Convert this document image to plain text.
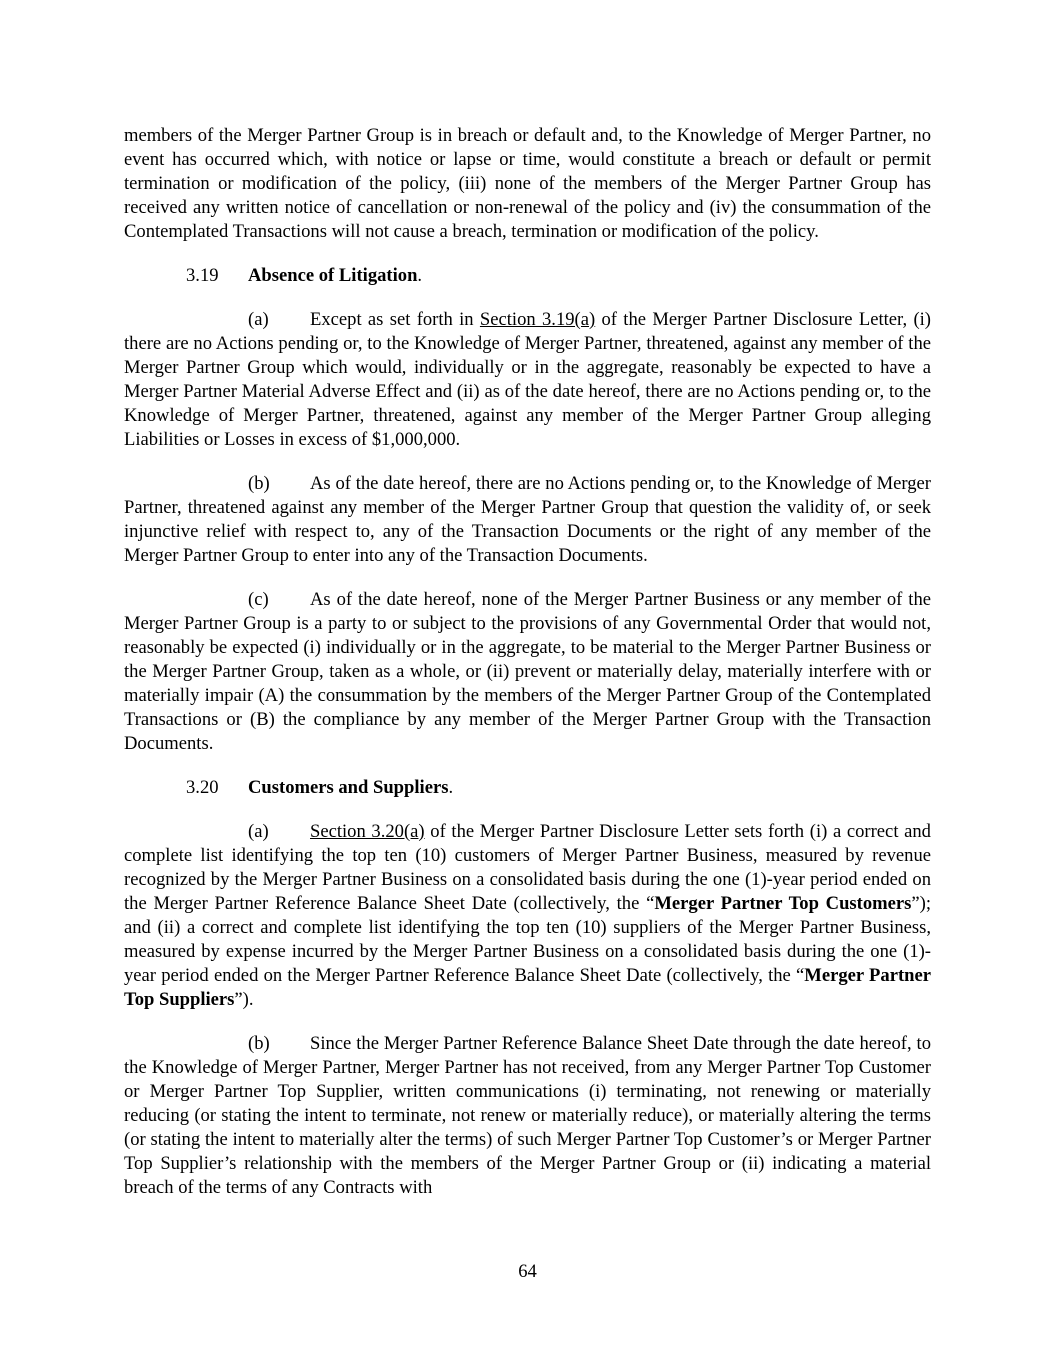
members of the Merger Partner Group is in breach or default and, to the Knowledge of Merger Partner, no event has occurred which, with notice or lapse or time, would constitute a breach or default or permit termination or modification of the policy, (iii) none of the members of the Merger Partner Group has received any written notice of cancellation or non-renewal of the policy and (iv) the consummation of the Contemplated Transactions will not cause a breach, termination or modification of the policy.

3.19 Absence of Litigation.

(a) Except as set forth in Section 3.19(a) of the Merger Partner Disclosure Letter, (i) there are no Actions pending or, to the Knowledge of Merger Partner, threatened, against any member of the Merger Partner Group which would, individually or in the aggregate, reasonably be expected to have a Merger Partner Material Adverse Effect and (ii) as of the date hereof, there are no Actions pending or, to the Knowledge of Merger Partner, threatened, against any member of the Merger Partner Group alleging Liabilities or Losses in excess of $1,000,000.

(b) As of the date hereof, there are no Actions pending or, to the Knowledge of Merger Partner, threatened against any member of the Merger Partner Group that question the validity of, or seek injunctive relief with respect to, any of the Transaction Documents or the right of any member of the Merger Partner Group to enter into any of the Transaction Documents.

(c) As of the date hereof, none of the Merger Partner Business or any member of the Merger Partner Group is a party to or subject to the provisions of any Governmental Order that would not, reasonably be expected (i) individually or in the aggregate, to be material to the Merger Partner Business or the Merger Partner Group, taken as a whole, or (ii) prevent or materially delay, materially interfere with or materially impair (A) the consummation by the members of the Merger Partner Group of the Contemplated Transactions or (B) the compliance by any member of the Merger Partner Group with the Transaction Documents.

3.20 Customers and Suppliers.

(a) Section 3.20(a) of the Merger Partner Disclosure Letter sets forth (i) a correct and complete list identifying the top ten (10) customers of Merger Partner Business, measured by revenue recognized by the Merger Partner Business on a consolidated basis during the one (1)-year period ended on the Merger Partner Reference Balance Sheet Date (collectively, the “Merger Partner Top Customers”); and (ii) a correct and complete list identifying the top ten (10) suppliers of the Merger Partner Business, measured by expense incurred by the Merger Partner Business on a consolidated basis during the one (1)-year period ended on the Merger Partner Reference Balance Sheet Date (collectively, the “Merger Partner Top Suppliers”).

(b) Since the Merger Partner Reference Balance Sheet Date through the date hereof, to the Knowledge of Merger Partner, Merger Partner has not received, from any Merger Partner Top Customer or Merger Partner Top Supplier, written communications (i) terminating, not renewing or materially reducing (or stating the intent to terminate, not renew or materially reduce), or materially altering the terms (or stating the intent to materially alter the terms) of such Merger Partner Top Customer’s or Merger Partner Top Supplier’s relationship with the members of the Merger Partner Group or (ii) indicating a material breach of the terms of any Contracts with

64
